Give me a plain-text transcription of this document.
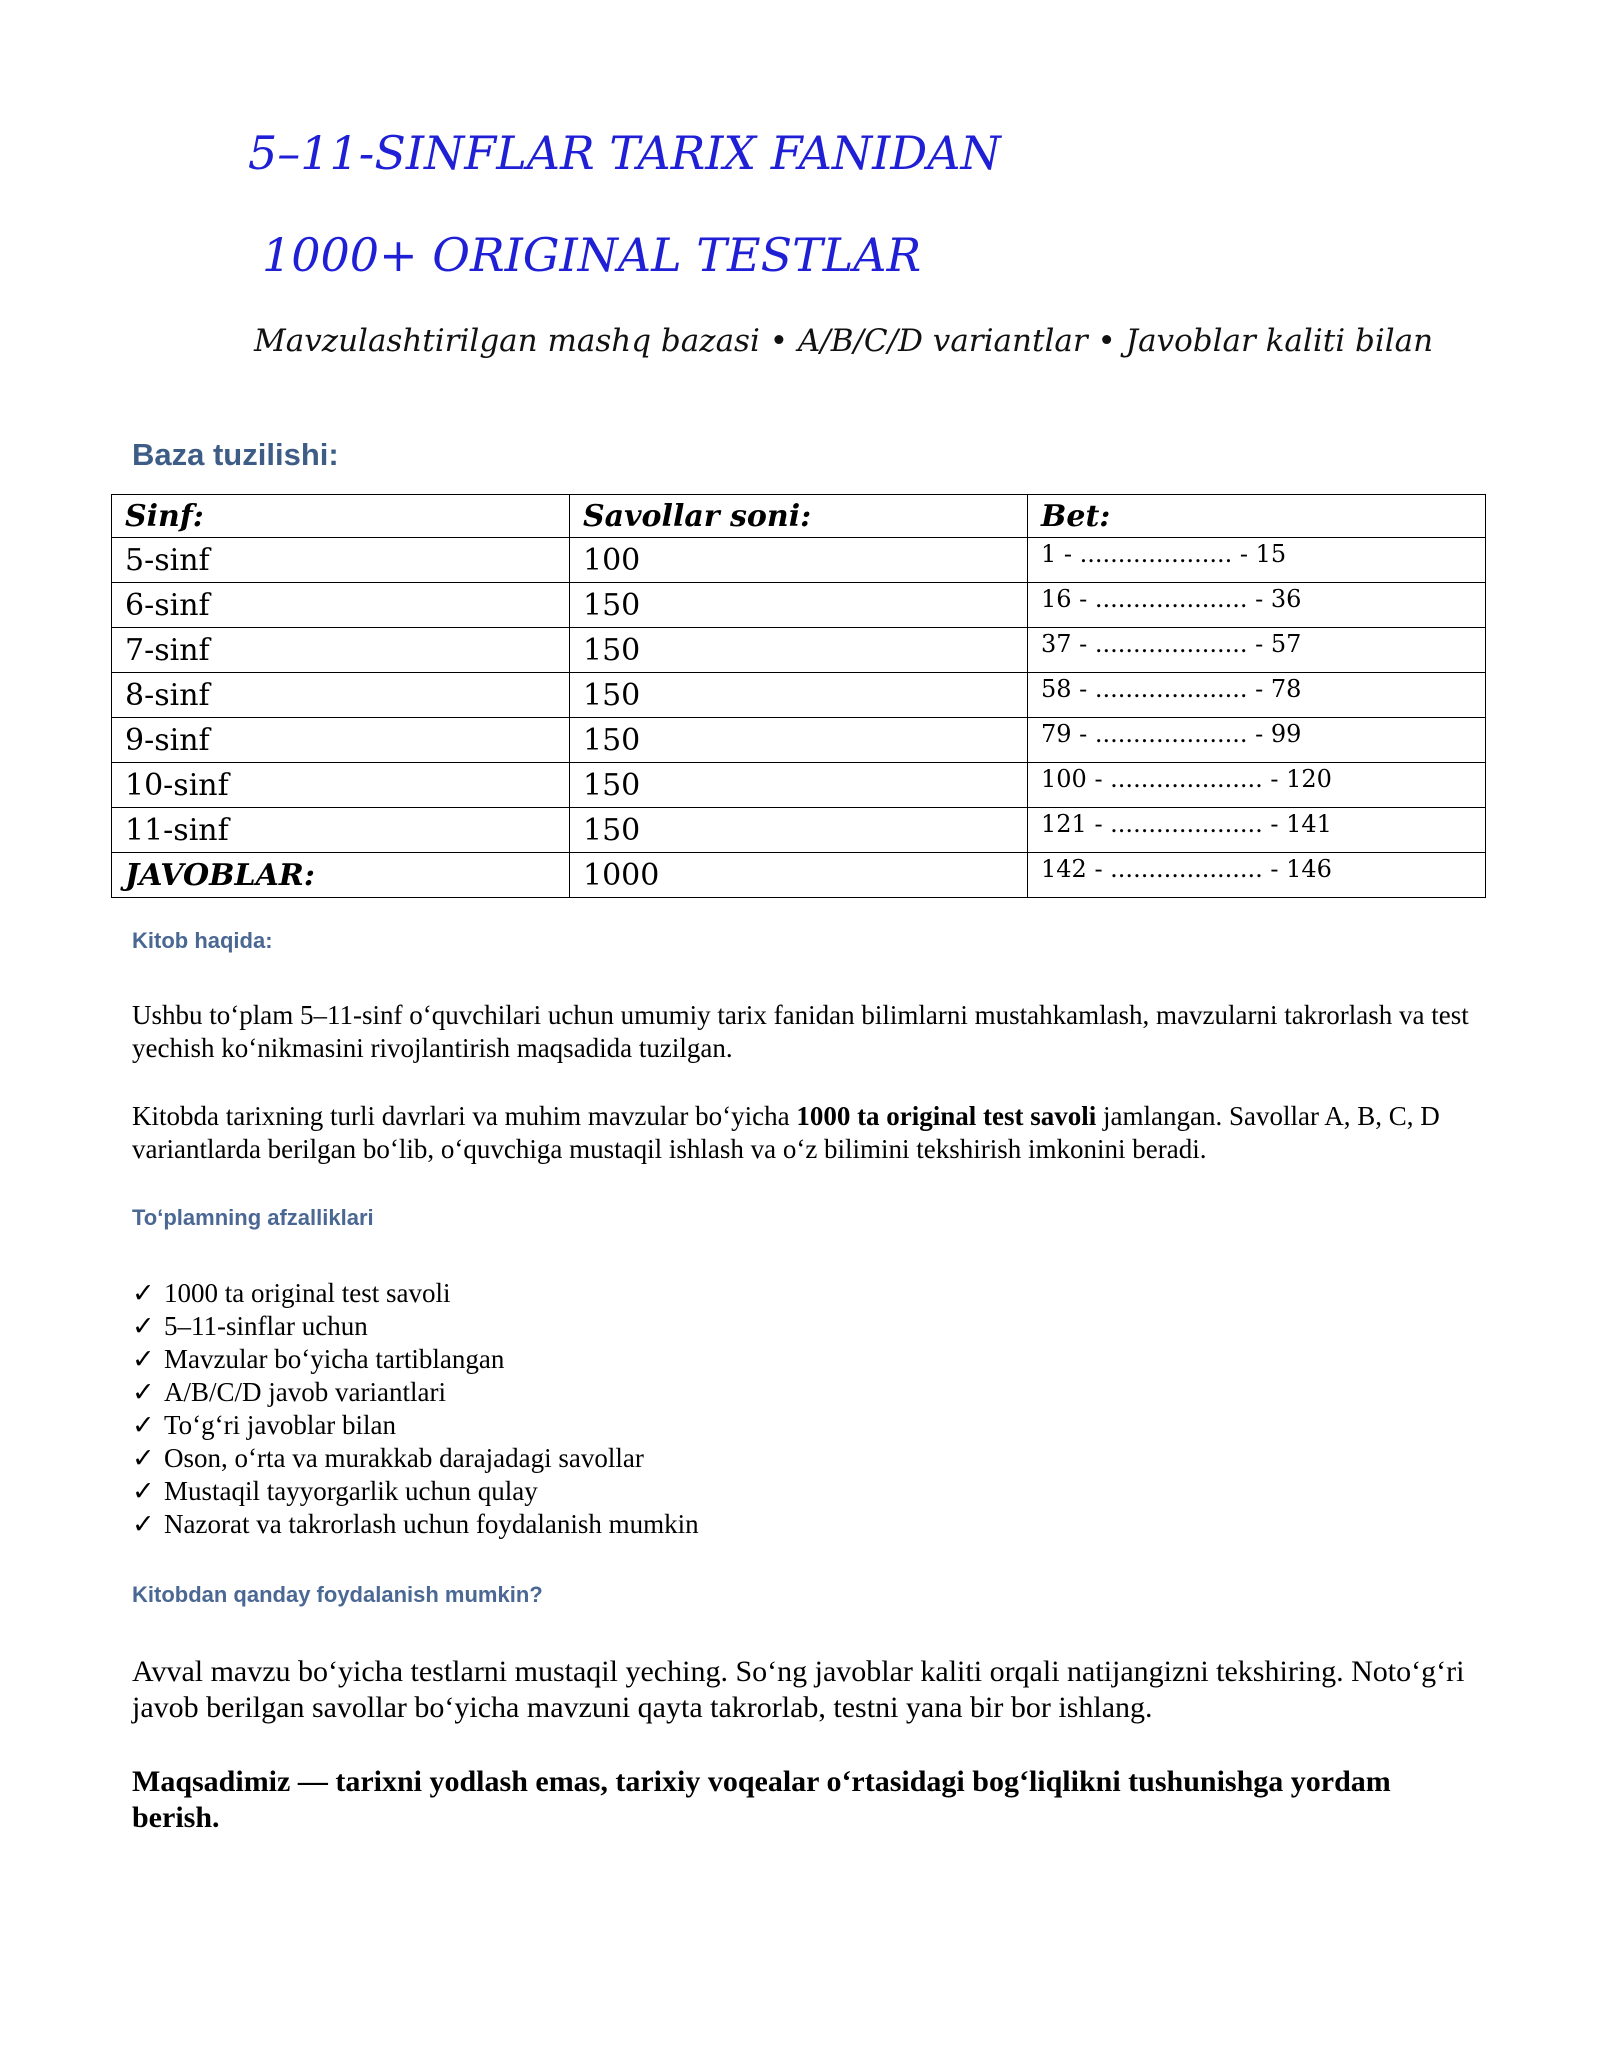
5–11-SINFLAR TARIX FANIDAN
1000+ ORIGINAL TESTLAR
Mavzulashtirilgan mashq bazasi • A/B/C/D variantlar • Javoblar kaliti bilan
Baza tuzilishi:
Sinf:	Savollar soni:	Bet:
5-sinf	100	1 - .................... - 15
6-sinf	150	16 - .................... - 36
7-sinf	150	37 - .................... - 57
8-sinf	150	58 - .................... - 78
9-sinf	150	79 - .................... - 99
10-sinf	150	100 - .................... - 120
11-sinf	150	121 - .................... - 141
JAVOBLAR:	1000	142 - .................... - 146
Kitob haqida:

Ushbu to‘plam 5–11-sinf o‘quvchilari uchun umumiy tarix fanidan bilimlarni mustahkamlash, mavzularni takrorlash va test yechish ko‘nikmasini rivojlantirish maqsadida tuzilgan.

Kitobda tarixning turli davrlari va muhim mavzular bo‘yicha 1000 ta original test savoli jamlangan. Savollar A, B, C, D variantlarda berilgan bo‘lib, o‘quvchiga mustaqil ishlash va o‘z bilimini tekshirish imkonini beradi.

To‘plamning afzalliklari
✓ 1000 ta original test savoli
✓ 5–11-sinflar uchun
✓ Mavzular bo‘yicha tartiblangan
✓ A/B/C/D javob variantlari
✓ To‘g‘ri javoblar bilan
✓ Oson, o‘rta va murakkab darajadagi savollar
✓ Mustaqil tayyorgarlik uchun qulay
✓ Nazorat va takrorlash uchun foydalanish mumkin
Kitobdan qanday foydalanish mumkin?

Avval mavzu bo‘yicha testlarni mustaqil yeching. So‘ng javoblar kaliti orqali natijangizni tekshiring. Noto‘g‘ri javob berilgan savollar bo‘yicha mavzuni qayta takrorlab, testni yana bir bor ishlang.

Maqsadimiz — tarixni yodlash emas, tarixiy voqealar o‘rtasidagi bog‘liqlikni tushunishga yordam berish.
